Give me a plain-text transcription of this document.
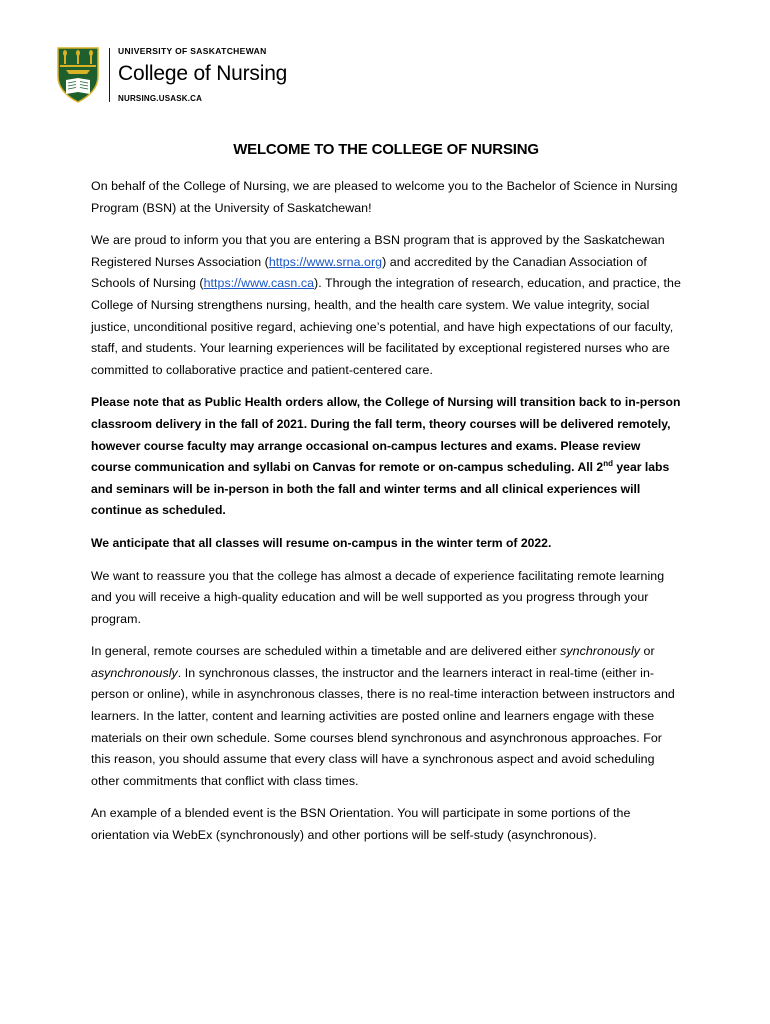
UNIVERSITY OF SASKATCHEWAN
College of Nursing
NURSING.USASK.CA
WELCOME TO THE COLLEGE OF NURSING

On behalf of the College of Nursing, we are pleased to welcome you to the Bachelor of Science in Nursing Program (BSN) at the University of Saskatchewan!

We are proud to inform you that you are entering a BSN program that is approved by the Saskatchewan Registered Nurses Association (https://www.srna.org) and accredited by the Canadian Association of Schools of Nursing (https://www.casn.ca). Through the integration of research, education, and practice, the College of Nursing strengthens nursing, health, and the health care system. We value integrity, social justice, unconditional positive regard, achieving one’s potential, and have high expectations of our faculty, staff, and students. Your learning experiences will be facilitated by exceptional registered nurses who are committed to collaborative practice and patient-centered care.

Please note that as Public Health orders allow, the College of Nursing will transition back to in-person classroom delivery in the fall of 2021. During the fall term, theory courses will be delivered remotely, however course faculty may arrange occasional on-campus lectures and exams. Please review course communication and syllabi on Canvas for remote or on-campus scheduling. All 2nd year labs and seminars will be in-person in both the fall and winter terms and all clinical experiences will continue as scheduled.

We anticipate that all classes will resume on-campus in the winter term of 2022.

We want to reassure you that the college has almost a decade of experience facilitating remote learning and you will receive a high-quality education and will be well supported as you progress through your program.

In general, remote courses are scheduled within a timetable and are delivered either synchronously or asynchronously. In synchronous classes, the instructor and the learners interact in real-time (either in-person or online), while in asynchronous classes, there is no real-time interaction between instructors and learners. In the latter, content and learning activities are posted online and learners engage with these materials on their own schedule. Some courses blend synchronous and asynchronous approaches. For this reason, you should assume that every class will have a synchronous aspect and avoid scheduling other commitments that conflict with class times.

An example of a blended event is the BSN Orientation. You will participate in some portions of the orientation via WebEx (synchronously) and other portions will be self-study (asynchronous).
